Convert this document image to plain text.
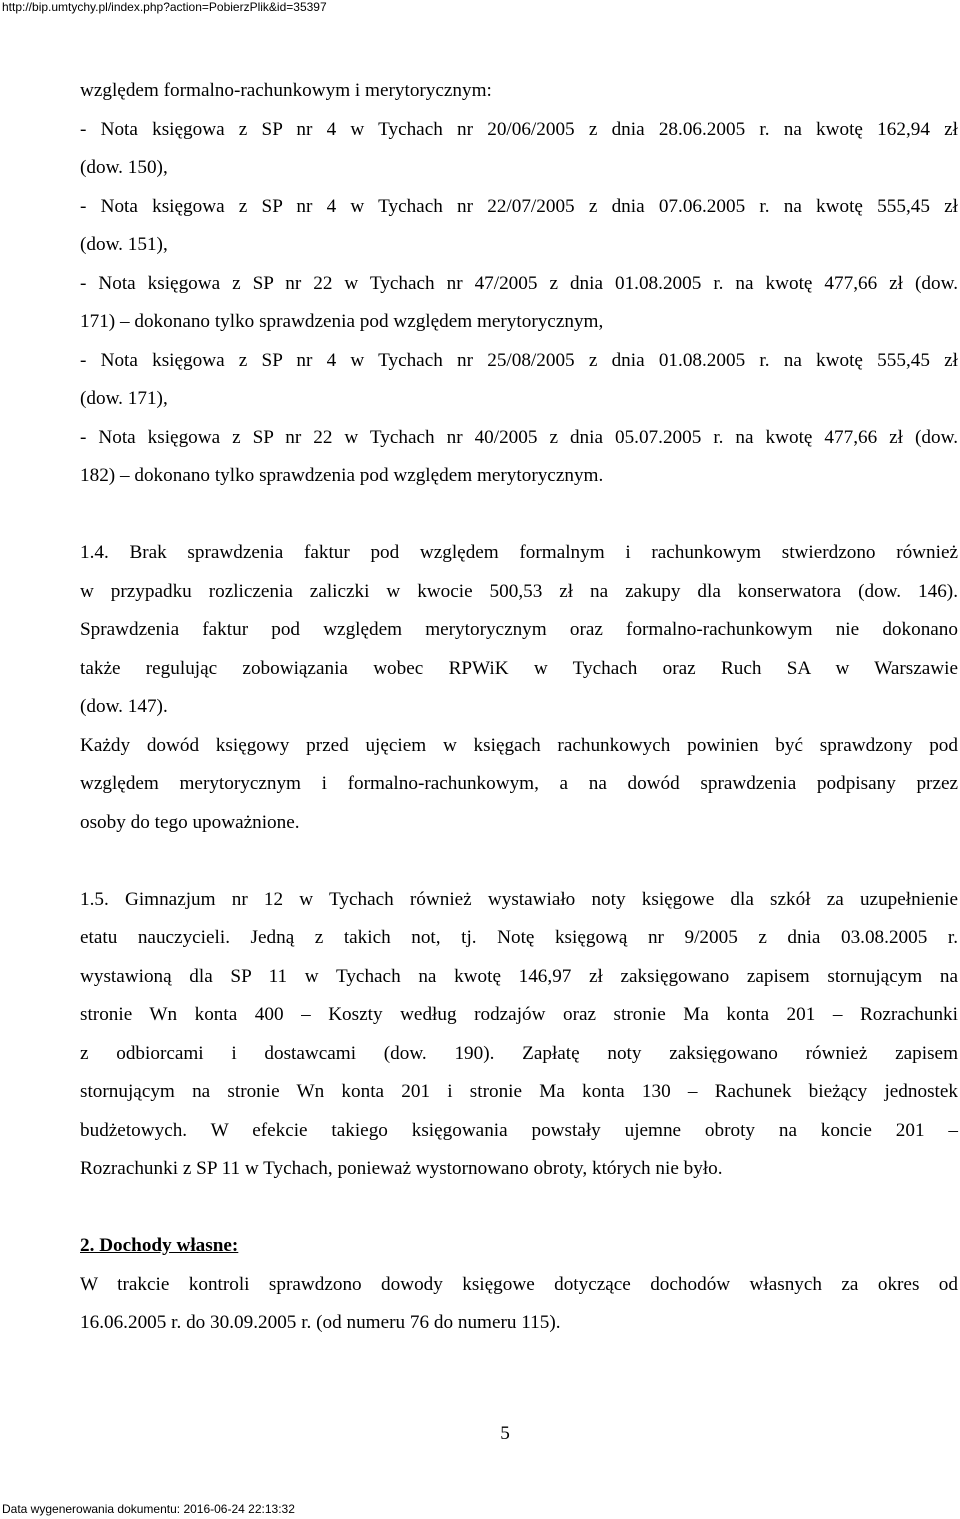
http://bip.umtychy.pl/index.php?action=PobierzPlik&id=35397
względem formalno-rachunkowym i merytorycznym:
- Nota księgowa z SP nr 4 w Tychach nr 20/06/2005 z dnia 28.06.2005 r. na kwotę 162,94 zł
(dow. 150),
- Nota księgowa z SP nr 4 w Tychach nr 22/07/2005 z dnia 07.06.2005 r. na kwotę 555,45 zł
(dow. 151),
- Nota księgowa z SP nr 22 w Tychach nr 47/2005 z dnia 01.08.2005 r. na kwotę 477,66 zł (dow.
171) – dokonano tylko sprawdzenia pod względem merytorycznym,
- Nota księgowa z SP nr 4 w Tychach nr 25/08/2005 z dnia 01.08.2005 r. na kwotę 555,45 zł
(dow. 171),
- Nota księgowa z SP nr 22 w Tychach nr 40/2005 z dnia 05.07.2005 r. na kwotę 477,66 zł (dow.
182) – dokonano tylko sprawdzenia pod względem merytorycznym.
1.4. Brak sprawdzenia faktur pod względem formalnym i rachunkowym stwierdzono również
w przypadku rozliczenia zaliczki w kwocie 500,53 zł na zakupy dla konserwatora (dow. 146).
Sprawdzenia faktur pod względem merytorycznym oraz formalno-rachunkowym nie dokonano
także regulując zobowiązania wobec RPWiK w Tychach oraz Ruch SA w Warszawie
(dow. 147).
Każdy dowód księgowy przed ujęciem w księgach rachunkowych powinien być sprawdzony pod
względem merytorycznym i formalno-rachunkowym, a na dowód sprawdzenia podpisany przez
osoby do tego upoważnione.
1.5. Gimnazjum nr 12 w Tychach również wystawiało noty księgowe dla szkół za uzupełnienie
etatu nauczycieli. Jedną z takich not, tj. Notę księgową nr 9/2005 z dnia 03.08.2005 r.
wystawioną dla SP 11 w Tychach na kwotę 146,97 zł zaksięgowano zapisem stornującym na
stronie Wn konta 400 – Koszty według rodzajów oraz stronie Ma konta 201 – Rozrachunki
z odbiorcami i dostawcami (dow. 190). Zapłatę noty zaksięgowano również zapisem
stornującym na stronie Wn konta 201 i stronie Ma konta 130 – Rachunek bieżący jednostek
budżetowych. W efekcie takiego księgowania powstały ujemne obroty na koncie 201 –
Rozrachunki z SP 11 w Tychach, ponieważ wystornowano obroty, których nie było.
2. Dochody własne:
W trakcie kontroli sprawdzono dowody księgowe dotyczące dochodów własnych za okres od
16.06.2005 r. do 30.09.2005 r. (od numeru 76 do numeru 115).
5
Data wygenerowania dokumentu: 2016-06-24 22:13:32
